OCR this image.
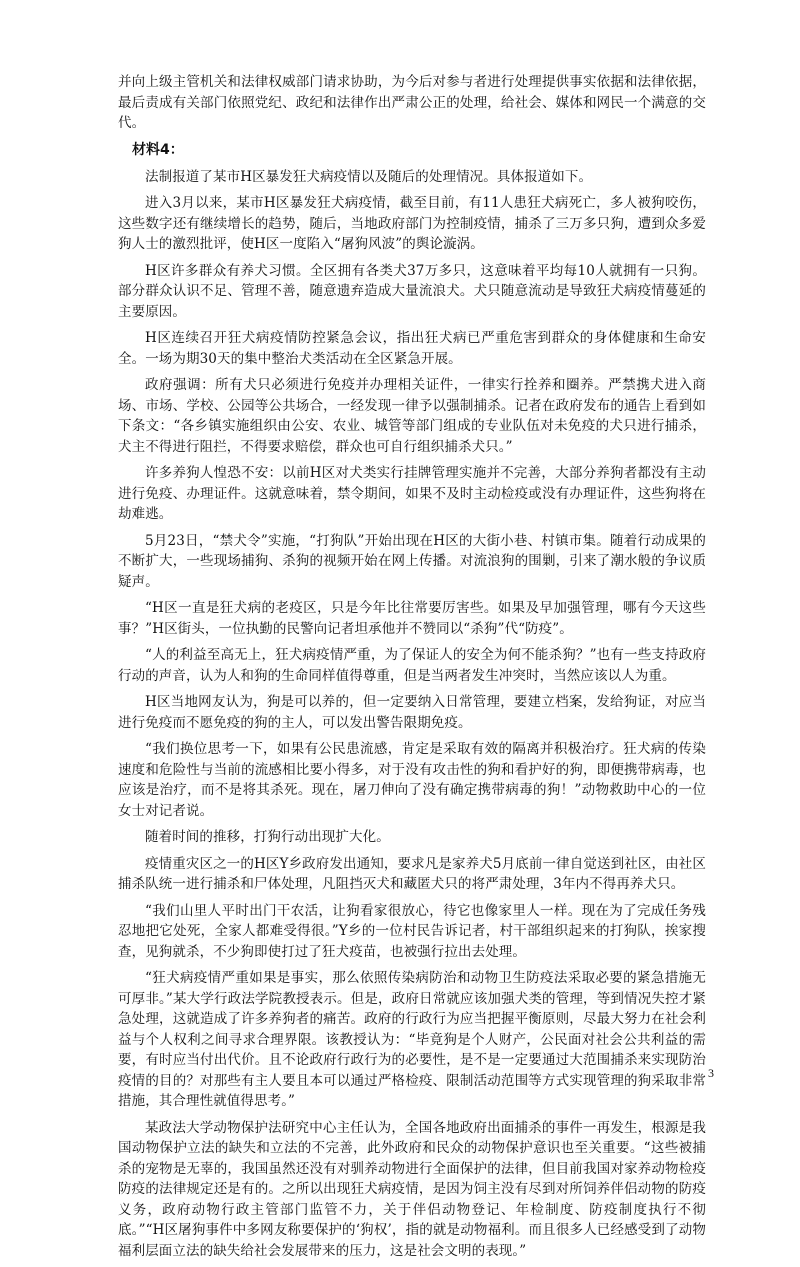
并向上级主管机关和法律权威部门请求协助，为今后对参与者进行处理提供事实依据和法律依据，最后责成有关部门依照党纪、政纪和法律作出严肃公正的处理，给社会、媒体和网民一个满意的交代。

材料4：

法制报道了某市H区暴发狂犬病疫情以及随后的处理情况。具体报道如下。

进入3月以来，某市H区暴发狂犬病疫情，截至目前，有11人患狂犬病死亡，多人被狗咬伤，这些数字还有继续增长的趋势，随后，当地政府部门为控制疫情，捕杀了三万多只狗，遭到众多爱狗人士的激烈批评，使H区一度陷入“屠狗风波”的舆论漩涡。

H区许多群众有养犬习惯。全区拥有各类犬37万多只，这意味着平均每10人就拥有一只狗。部分群众认识不足、管理不善，随意遗弃造成大量流浪犬。犬只随意流动是导致狂犬病疫情蔓延的主要原因。

H区连续召开狂犬病疫情防控紧急会议，指出狂犬病已严重危害到群众的身体健康和生命安全。一场为期30天的集中整治犬类活动在全区紧急开展。

政府强调：所有犬只必须进行免疫并办理相关证件，一律实行拴养和圈养。严禁携犬进入商场、市场、学校、公园等公共场合，一经发现一律予以强制捕杀。记者在政府发布的通告上看到如下条文：“各乡镇实施组织由公安、农业、城管等部门组成的专业队伍对未免疫的犬只进行捕杀，犬主不得进行阻拦，不得要求赔偿，群众也可自行组织捕杀犬只。”

许多养狗人惶恐不安：以前H区对犬类实行挂牌管理实施并不完善，大部分养狗者都没有主动进行免疫、办理证件。这就意味着，禁令期间，如果不及时主动检疫或没有办理证件，这些狗将在劫难逃。

5月23日，“禁犬令”实施，“打狗队”开始出现在H区的大街小巷、村镇市集。随着行动成果的不断扩大，一些现场捕狗、杀狗的视频开始在网上传播。对流浪狗的围剿，引来了潮水般的争议质疑声。

“H区一直是狂犬病的老疫区，只是今年比往常要厉害些。如果及早加强管理，哪有今天这些事？”H区街头，一位执勤的民警向记者坦承他并不赞同以“杀狗”代“防疫”。

“人的利益至高无上，狂犬病疫情严重，为了保证人的安全为何不能杀狗？”也有一些支持政府行动的声音，认为人和狗的生命同样值得尊重，但是当两者发生冲突时，当然应该以人为重。

H区当地网友认为，狗是可以养的，但一定要纳入日常管理，要建立档案，发给狗证，对应当进行免疫而不愿免疫的狗的主人，可以发出警告限期免疫。

“我们换位思考一下，如果有公民患流感，肯定是采取有效的隔离并积极治疗。狂犬病的传染速度和危险性与当前的流感相比要小得多，对于没有攻击性的狗和看护好的狗，即便携带病毒，也应该是治疗，而不是将其杀死。现在，屠刀伸向了没有确定携带病毒的狗！”动物救助中心的一位女士对记者说。

随着时间的推移，打狗行动出现扩大化。

疫情重灾区之一的H区Y乡政府发出通知，要求凡是家养犬5月底前一律自觉送到社区，由社区捕杀队统一进行捕杀和尸体处理，凡阻挡灭犬和藏匿犬只的将严肃处理，3年内不得再养犬只。

“我们山里人平时出门干农活，让狗看家很放心，待它也像家里人一样。现在为了完成任务残忍地把它处死，全家人都难受得很。”Y乡的一位村民告诉记者，村干部组织起来的打狗队，挨家搜查，见狗就杀，不少狗即使打过了狂犬疫苗，也被强行拉出去处理。

“狂犬病疫情严重如果是事实，那么依照传染病防治和动物卫生防疫法采取必要的紧急措施无可厚非。”某大学行政法学院教授表示。但是，政府日常就应该加强犬类的管理，等到情况失控才紧急处理，这就造成了许多养狗者的痛苦。政府的行政行为应当把握平衡原则，尽最大努力在社会利益与个人权利之间寻求合理界限。该教授认为：“毕竟狗是个人财产，公民面对社会公共利益的需要，有时应当付出代价。且不论政府行政行为的必要性，是不是一定要通过大范围捕杀来实现防治疫情的目的？对那些有主人要且本可以通过严格检疫、限制活动范围等方式实现管理的狗采取非常措施，其合理性就值得思考。”

某政法大学动物保护法研究中心主任认为，全国各地政府出面捕杀的事件一再发生，根源是我国动物保护立法的缺失和立法的不完善，此外政府和民众的动物保护意识也至关重要。“这些被捕杀的宠物是无辜的，我国虽然还没有对驯养动物进行全面保护的法律，但目前我国对家养动物检疫防疫的法律规定还是有的。之所以出现狂犬病疫情，是因为饲主没有尽到对所饲养伴侣动物的防疫义务，政府动物行政主管部门监管不力，关于伴侣动物登记、年检制度、防疫制度执行不彻底。”“H区屠狗事件中多网友称要保护的‘狗权’，指的就是动物福利。而且很多人已经感受到了动物福利层面立法的缺失给社会发展带来的压力，这是社会文明的表现。”

3
